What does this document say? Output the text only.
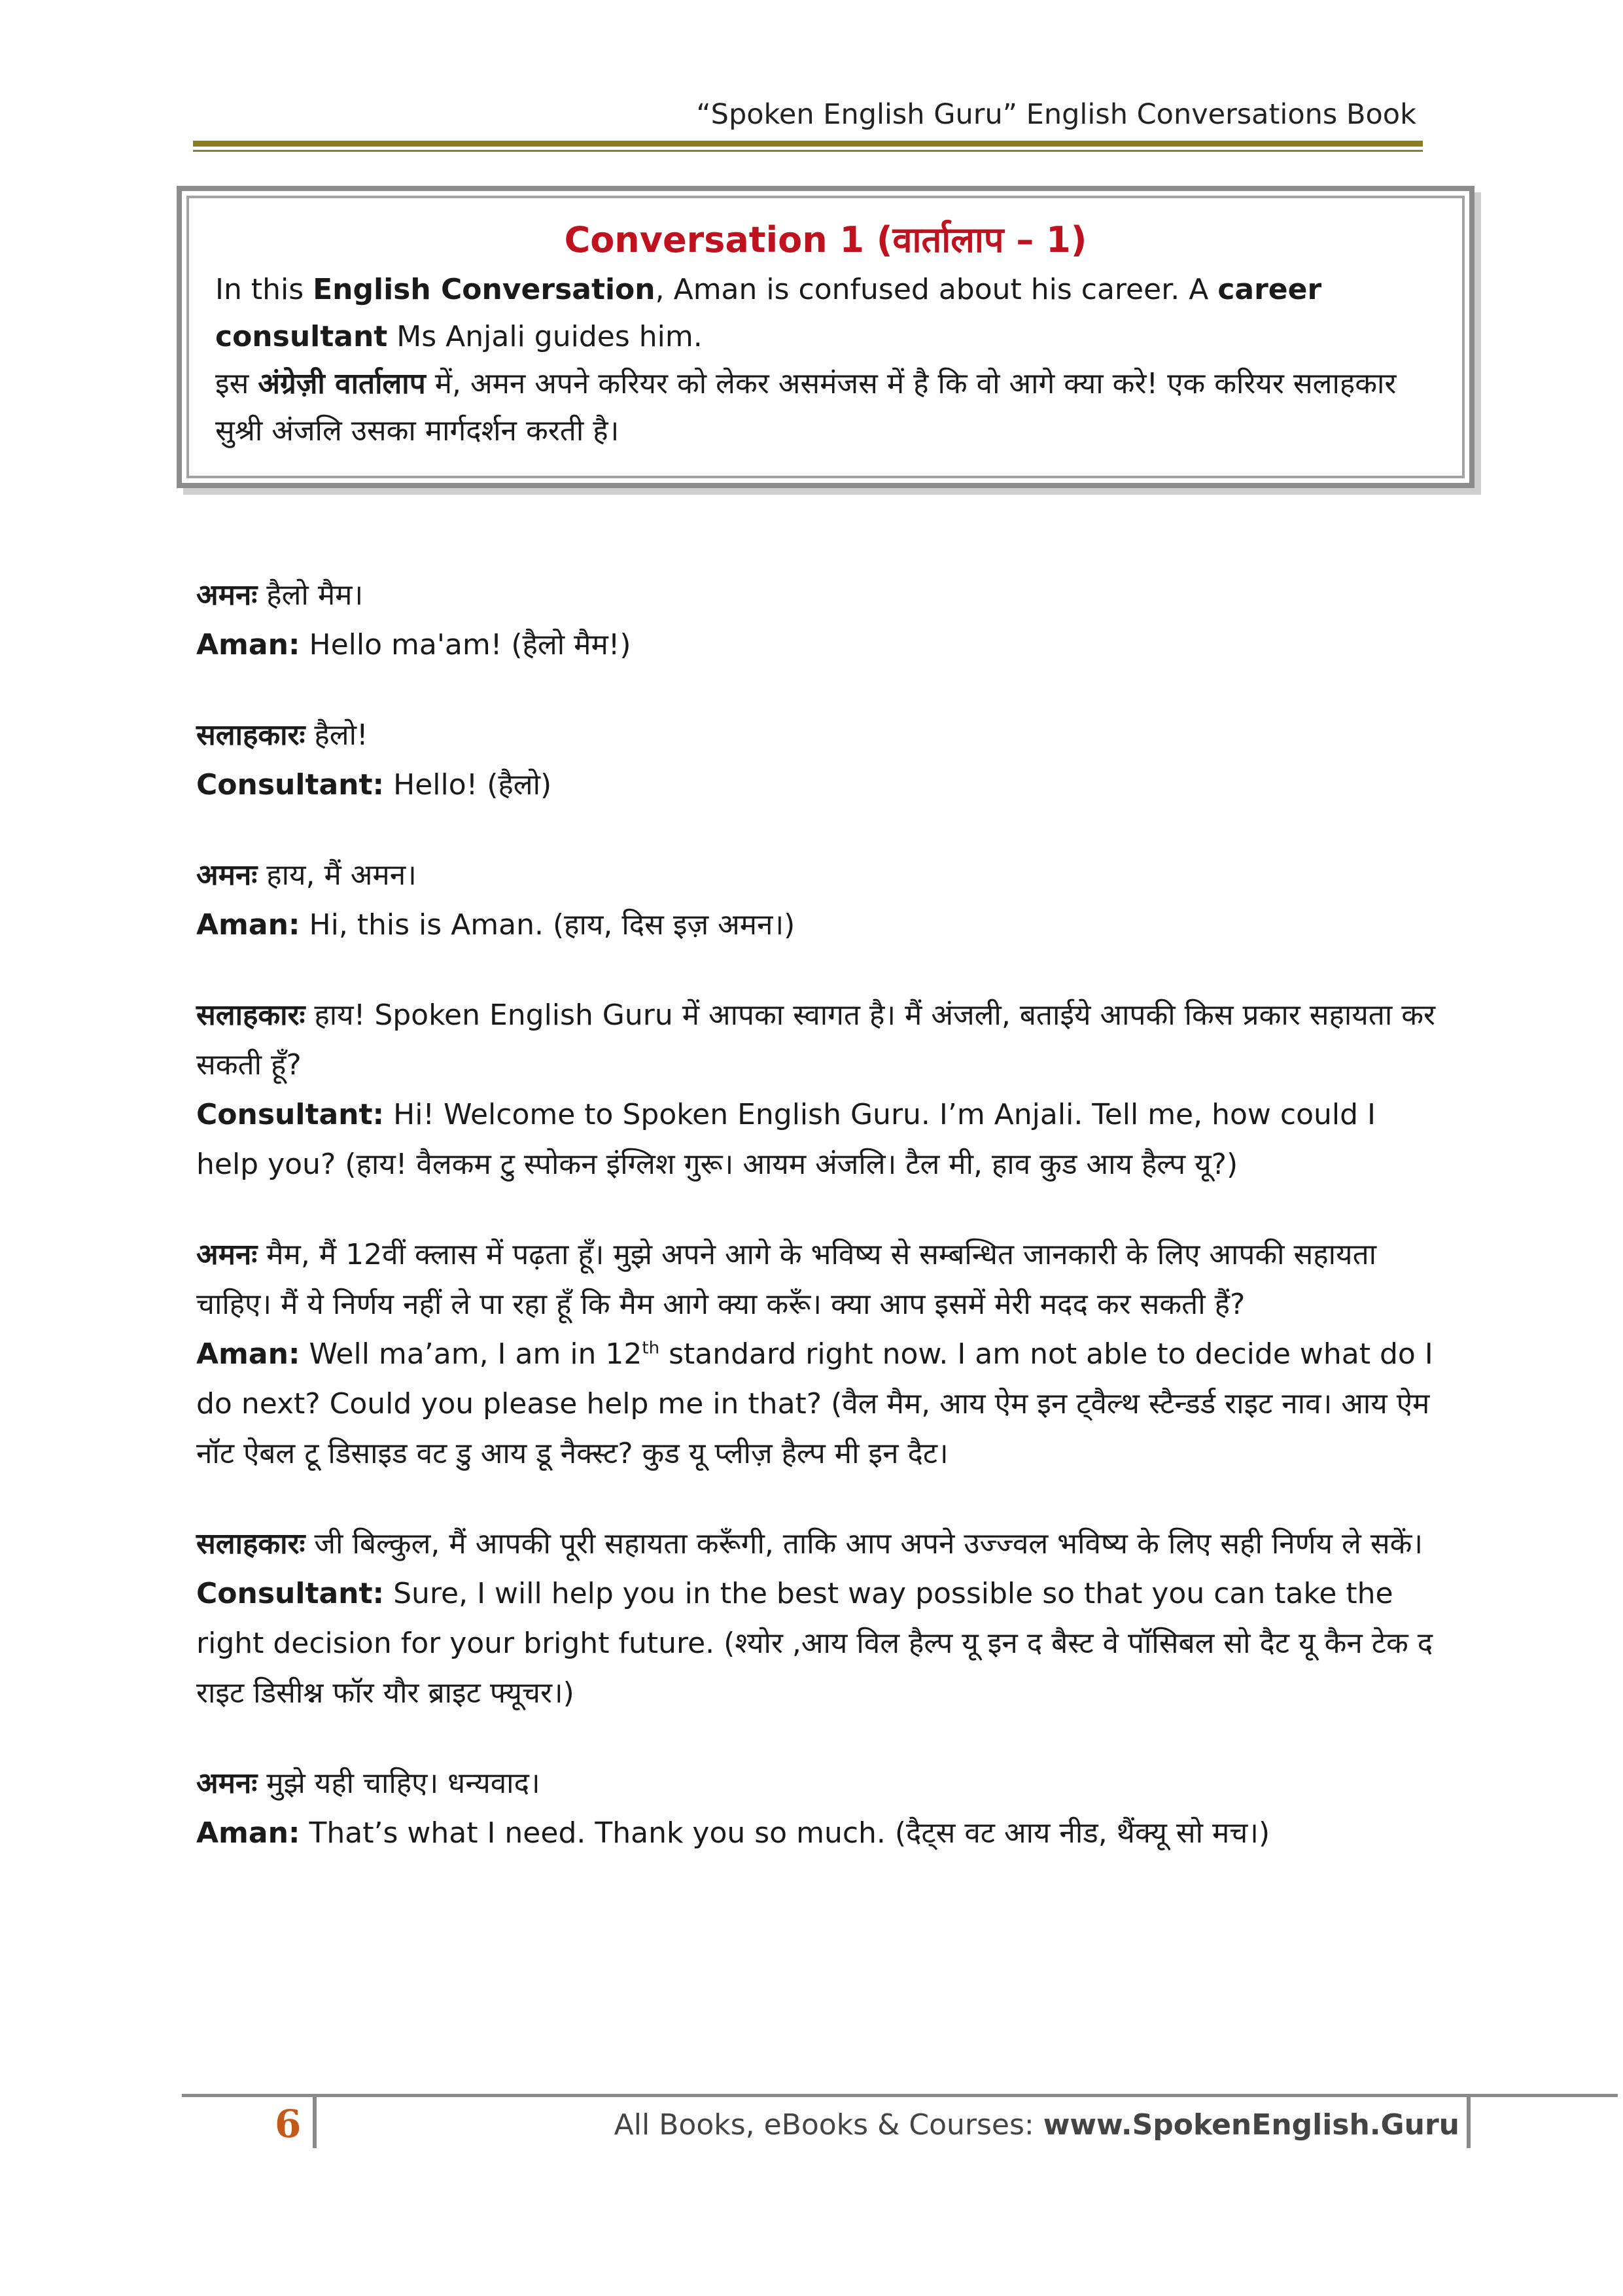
“Spoken English Guru” English Conversations Book
Conversation 1 (वार्तालाप – 1)
In this English Conversation, Aman is confused about his career. A career consultant Ms Anjali guides him.
इस अंग्रेज़ी वार्तालाप में, अमन अपने करियर को लेकर असमंजस में है कि वो आगे क्या करे! एक करियर सलाहकार सुश्री अंजलि उसका मार्गदर्शन करती है।
अमनः हैलो मैम।
Aman: Hello ma'am! (हैलो मैम!)
सलाहकारः हैलो!
Consultant: Hello! (हैलो)
अमनः हाय, मैं अमन।
Aman: Hi, this is Aman. (हाय, दिस इज़ अमन।)
सलाहकारः हाय! Spoken English Guru में आपका स्वागत है। मैं अंजली, बताईये आपकी किस प्रकार सहायता कर सकती हूँ?
Consultant: Hi! Welcome to Spoken English Guru. I’m Anjali. Tell me, how could I help you? (हाय! वैलकम टु स्पोकन इंग्लिश गुरू। आयम अंजलि। टैल मी, हाव कुड आय हैल्प यू?)
अमनः मैम, मैं 12वीं क्लास में पढ़ता हूँ। मुझे अपने आगे के भविष्य से सम्बन्धित जानकारी के लिए आपकी सहायता चाहिए। मैं ये निर्णय नहीं ले पा रहा हूँ कि मैम आगे क्या करूँ। क्या आप इसमें मेरी मदद कर सकती हैं?
Aman: Well ma’am, I am in 12th standard right now. I am not able to decide what do I do next? Could you please help me in that? (वैल मैम, आय ऐम इन ट्वैल्थ स्टैन्डर्ड राइट नाव। आय ऐम नॉट ऐबल टू डिसाइड वट डु आय डू नैक्स्ट? कुड यू प्लीज़ हैल्प मी इन दैट।
सलाहकारः जी बिल्कुल, मैं आपकी पूरी सहायता करूँगी, ताकि आप अपने उज्ज्वल भविष्य के लिए सही निर्णय ले सकें।
Consultant: Sure, I will help you in the best way possible so that you can take the right decision for your bright future. (श्योर ,आय विल हैल्प यू इन द बैस्ट वे पॉसिबल सो दैट यू कैन टेक द राइट डिसीश्न फॉर यौर ब्राइट फ्यूचर।)
अमनः मुझे यही चाहिए। धन्यवाद।
Aman: That’s what I need. Thank you so much. (दैट्स वट आय नीड, थैंक्यू सो मच।)
6	All Books, eBooks & Courses: www.SpokenEnglish.Guru
